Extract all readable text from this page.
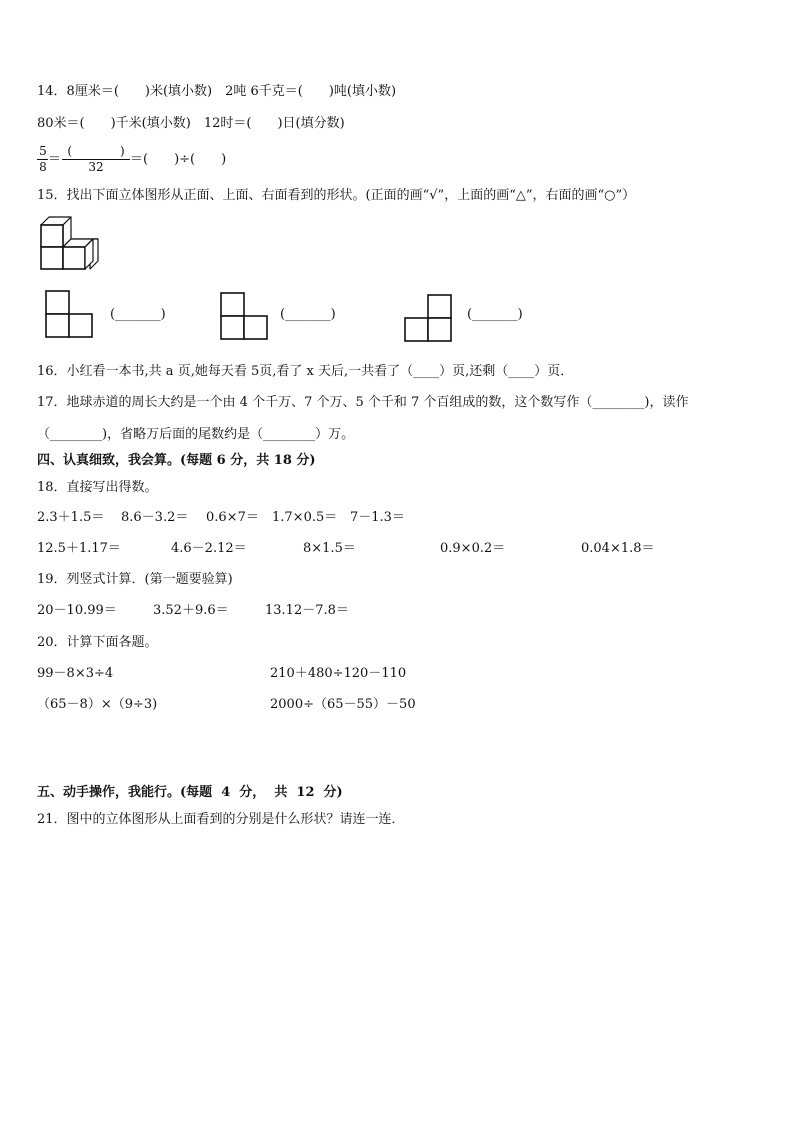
14．8厘米＝(　　)米(填小数)　2吨 6千克＝(　　)吨(填小数)
80米＝(　　)千米(填小数)　12时＝(　　)日(填分数)
5
8 ＝
(　　　　)
32	＝(　　)÷(　　)
15．找出下面立体图形从正面、上面、右面看到的形状。(正面的画“√”，上面的画“△”，右面的画“○”）
(_______)	(_______)	(_______)
16．小红看一本书,共 a 页,她每天看 5页,看了 x 天后,一共看了（____）页,还剩（____）页．
17．地球赤道的周长大约是一个由 4 个千万、7 个万、5 个千和 7 个百组成的数，这个数写作（________)，读作
（________)，省略万后面的尾数约是（________）万。
四、认真细致，我会算。(每题 6 分，共 18 分)
18．直接写出得数。
2.3＋1.5＝ 8.6－3.2＝ 0.6×7＝ 1.7×0.5＝ 7－1.3＝
12.5＋1.17＝	4.6－2.12＝	8×1.5＝	0.9×0.2＝	0.04×1.8＝
19．列竖式计算．(第一题要验算)
20－10.99＝	3.52＋9.6＝	13.12－7.8＝
20．计算下面各题。
99－8×3÷4	210＋480÷120－110
（65－8）×（9÷3)	2000÷（65－55）－50
五、动手操作，我能行。(每题  4  分，  共  12  分)
21．图中的立体图形从上面看到的分别是什么形状？请连一连．
